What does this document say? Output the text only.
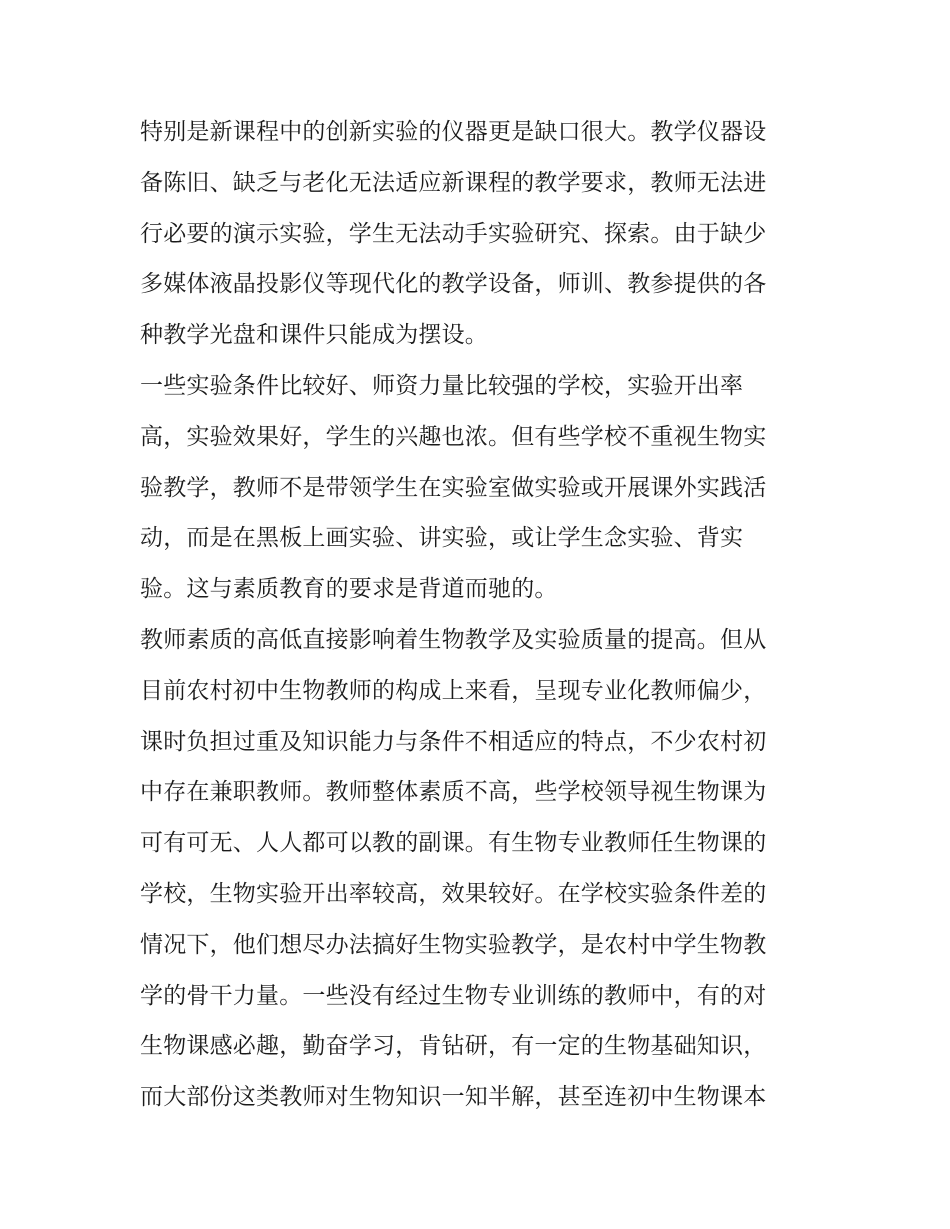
特别是新课程中的创新实验的仪器更是缺口很大。教学仪器设
备陈旧、缺乏与老化无法适应新课程的教学要求，教师无法进
行必要的演示实验，学生无法动手实验研究、探索。由于缺少
多媒体液晶投影仪等现代化的教学设备，师训、教参提供的各
种教学光盘和课件只能成为摆设。
一些实验条件比较好、师资力量比较强的学校，实验开出率
高，实验效果好，学生的兴趣也浓。但有些学校不重视生物实
验教学，教师不是带领学生在实验室做实验或开展课外实践活
动，而是在黑板上画实验、讲实验，或让学生念实验、背实
验。这与素质教育的要求是背道而驰的。
教师素质的高低直接影响着生物教学及实验质量的提高。但从
目前农村初中生物教师的构成上来看，呈现专业化教师偏少，
课时负担过重及知识能力与条件不相适应的特点，不少农村初
中存在兼职教师。教师整体素质不高，些学校领导视生物课为
可有可无、人人都可以教的副课。有生物专业教师任生物课的
学校，生物实验开出率较高，效果较好。在学校实验条件差的
情况下，他们想尽办法搞好生物实验教学，是农村中学生物教
学的骨干力量。一些没有经过生物专业训练的教师中，有的对
生物课感必趣，勤奋学习，肯钻研，有一定的生物基础知识，
而大部份这类教师对生物知识一知半解，甚至连初中生物课本
